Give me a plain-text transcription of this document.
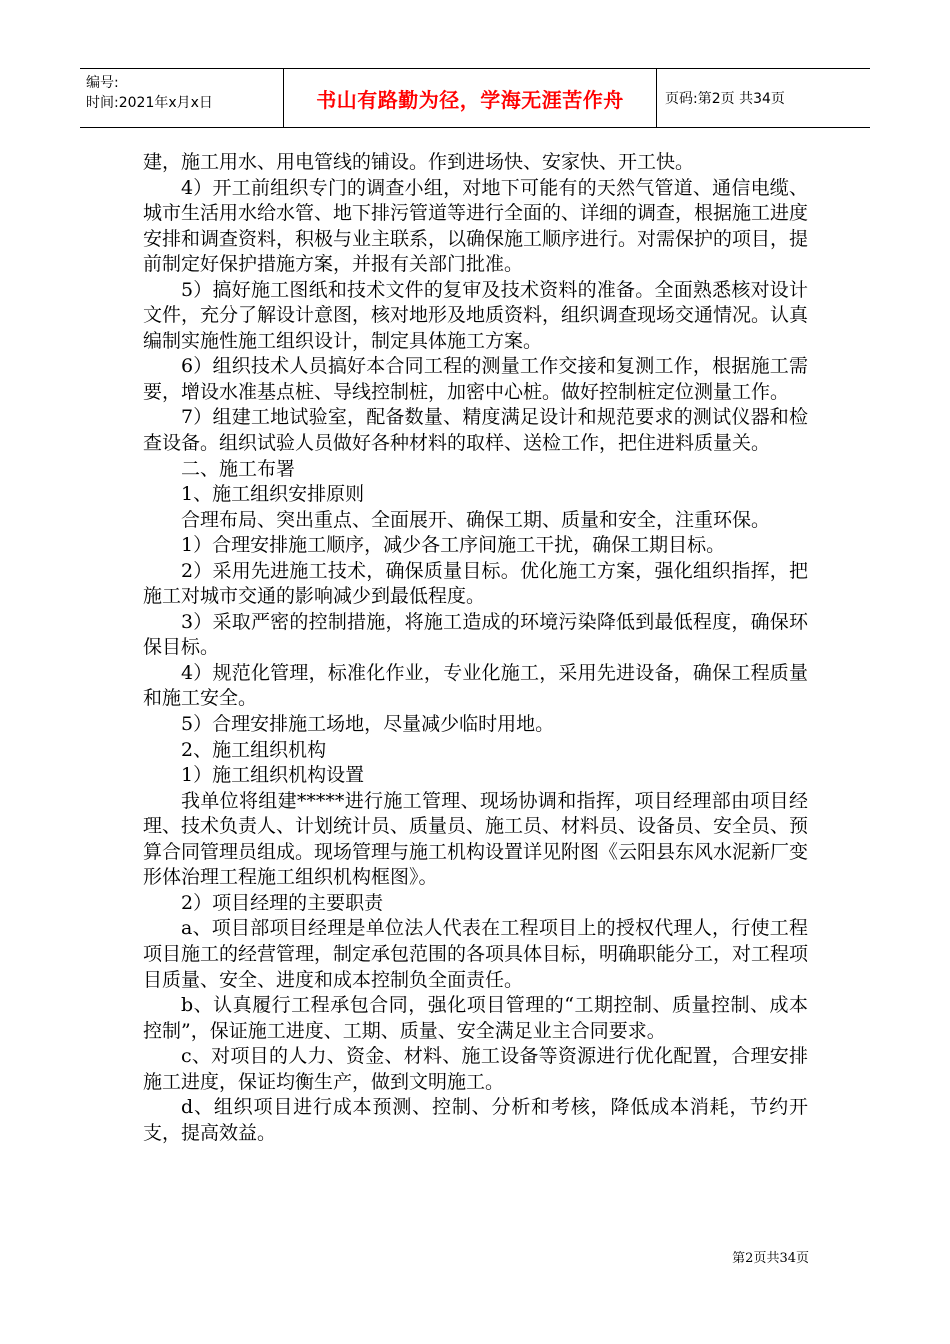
编号:
时间:2021年x月x日	书山有路勤为径，学海无涯苦作舟	页码:第2页 共34页

建，施工用水、用电管线的铺设。作到进场快、安家快、开工快。

4）开工前组织专门的调查小组，对地下可能有的天然气管道、通信电缆、城市生活用水给水管、地下排污管道等进行全面的、详细的调查，根据施工进度安排和调查资料，积极与业主联系，以确保施工顺序进行。对需保护的项目，提前制定好保护措施方案，并报有关部门批准。

5）搞好施工图纸和技术文件的复审及技术资料的准备。全面熟悉核对设计文件，充分了解设计意图，核对地形及地质资料，组织调查现场交通情况。认真编制实施性施工组织设计，制定具体施工方案。

6）组织技术人员搞好本合同工程的测量工作交接和复测工作，根据施工需要，增设水准基点桩、导线控制桩，加密中心桩。做好控制桩定位测量工作。

7）组建工地试验室，配备数量、精度满足设计和规范要求的测试仪器和检查设备。组织试验人员做好各种材料的取样、送检工作，把住进料质量关。

二、施工布署

1、施工组织安排原则

合理布局、突出重点、全面展开、确保工期、质量和安全，注重环保。

1）合理安排施工顺序，减少各工序间施工干扰，确保工期目标。

2）采用先进施工技术，确保质量目标。优化施工方案，强化组织指挥，把施工对城市交通的影响减少到最低程度。

3）采取严密的控制措施，将施工造成的环境污染降低到最低程度，确保环保目标。

4）规范化管理，标准化作业，专业化施工，采用先进设备，确保工程质量和施工安全。

5）合理安排施工场地，尽量减少临时用地。

2、施工组织机构

1）施工组织机构设置

我单位将组建*****进行施工管理、现场协调和指挥，项目经理部由项目经理、技术负责人、计划统计员、质量员、施工员、材料员、设备员、安全员、预算合同管理员组成。现场管理与施工机构设置详见附图《云阳县东风水泥新厂变形体治理工程施工组织机构框图》。

2）项目经理的主要职责

a、项目部项目经理是单位法人代表在工程项目上的授权代理人，行使工程项目施工的经营管理，制定承包范围的各项具体目标，明确职能分工，对工程项目质量、安全、进度和成本控制负全面责任。

b、认真履行工程承包合同，强化项目管理的“工期控制、质量控制、成本控制”，保证施工进度、工期、质量、安全满足业主合同要求。

c、对项目的人力、资金、材料、施工设备等资源进行优化配置，合理安排施工进度，保证均衡生产，做到文明施工。

d、组织项目进行成本预测、控制、分析和考核，降低成本消耗，节约开支，提高效益。

第2页共34页
